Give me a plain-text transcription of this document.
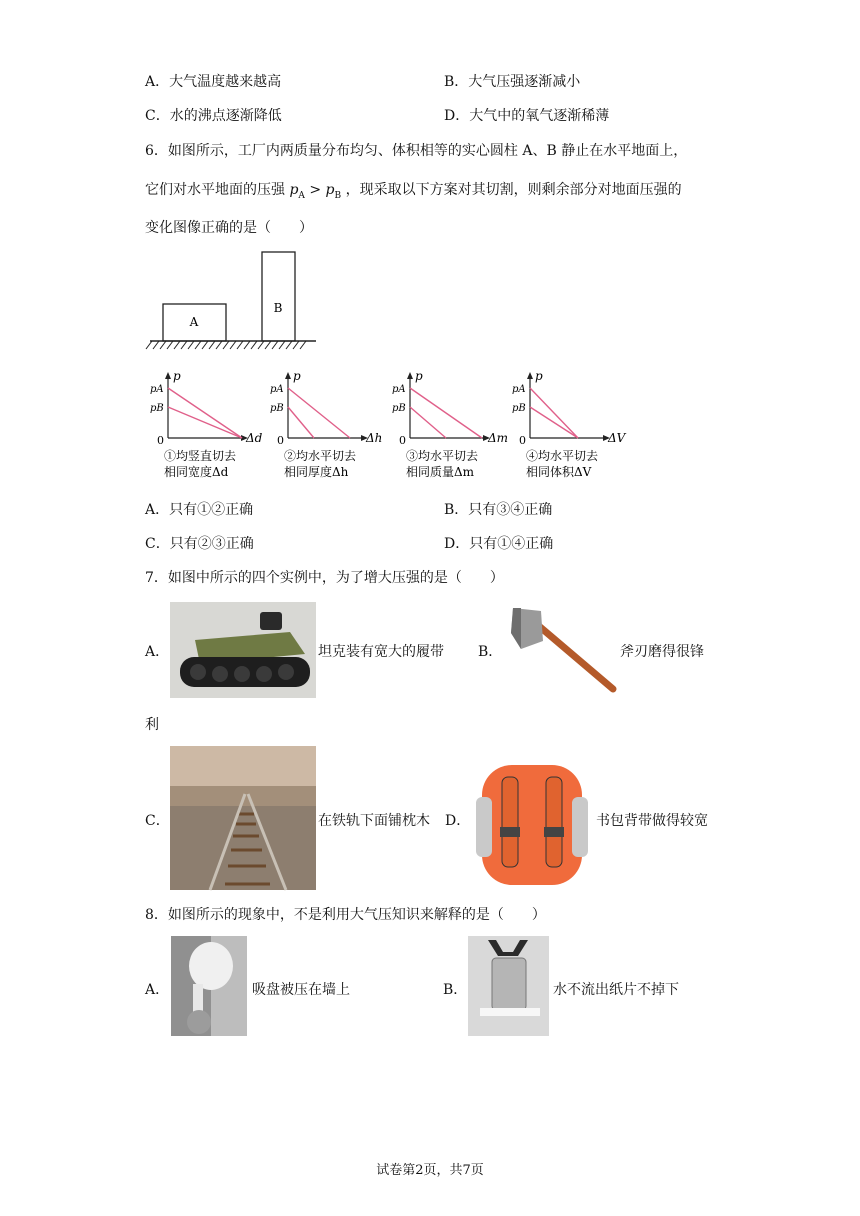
A．大气温度越来越高	B．大气压强逐渐减小
C．水的沸点逐渐降低	D．大气中的氧气逐渐稀薄
6．如图所示，工厂内两质量分布均匀、体积相等的实心圆柱 A、B 静止在水平地面上，
它们对水平地面的压强 $p_A > p_B$ ，现采取以下方案对其切割，则剩余部分对地面压强的
变化图像正确的是（　　）
A
B
p
pA
pB
0	Δd
①均竖直切去
相同宽度Δd
p
pA
pB
0	Δh
②均水平切去
相同厚度Δh
p
pA
pB
0	Δm
③均水平切去
相同质量Δm
p
pA
pB
0	ΔV
④均水平切去
相同体积ΔV
A．只有①②正确	B．只有③④正确
C．只有②③正确	D．只有①④正确
7．如图中所示的四个实例中，为了增大压强的是（　　）
A．	坦克装有宽大的履带 B．	斧刃磨得很锋
利
C．	在铁轨下面铺枕木 D．	书包背带做得较宽
8．如图所示的现象中，不是利用大气压知识来解释的是（　　）
A．	吸盘被压在墙上	B．	水不流出纸片不掉下
试卷第2页，共7页
